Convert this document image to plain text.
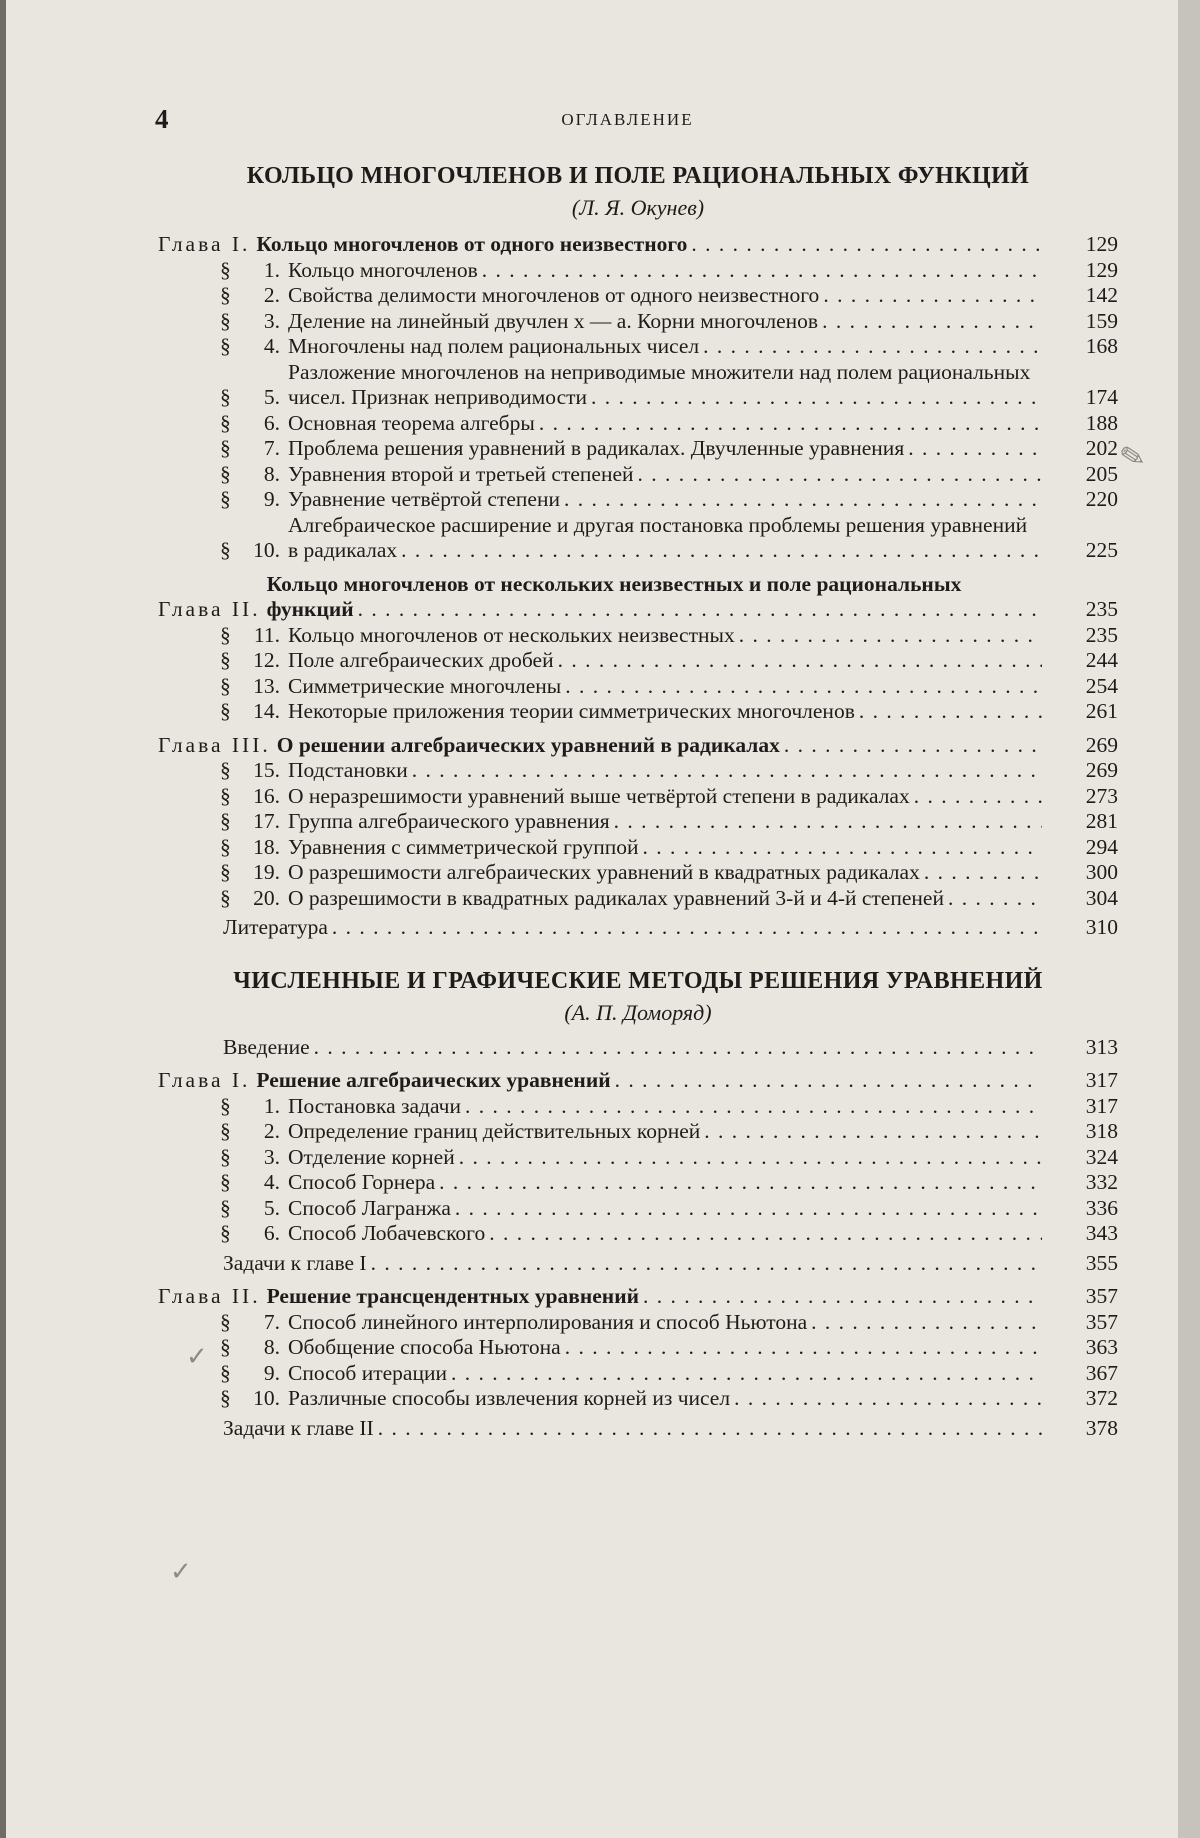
4	ОГЛАВЛЕНИЕ
КОЛЬЦО МНОГОЧЛЕНОВ И ПОЛЕ РАЦИОНАЛЬНЫХ ФУНКЦИЙ
(Л. Я. Окунев)
Глава I. Кольцо многочленов от одного неизвестного . . .	129
§	1. Кольцо многочленов . . .	129
§	2. Свойства делимости многочленов от одного неизвестного . . .	142
§	3. Деление на линейный двучлен x — a. Корни многочленов . . .	159
§	4. Многочлены над полем рациональных чисел . . .	168
§	5.
Разложение многочленов на неприводимые множители над полем рациональных чисел. Признак неприводимости . . .	174
§	6. Основная теорема алгебры . . .	188
§	7. Проблема решения уравнений в радикалах. Двучленные уравнения . . .	202
§	8. Уравнения второй и третьей степеней . . .	205
§	9. Уравнение четвёртой степени . . .	220
§	10.
Алгебраическое расширение и другая постановка проблемы решения уравнений в радикалах . . .	225
Глава II.
Кольцо многочленов от нескольких неизвестных и поле рациональных функций . . .	235
§	11. Кольцо многочленов от нескольких неизвестных . . .	235
§	12. Поле алгебраических дробей . . .	244
§	13. Симметрические многочлены . . .	254
§	14. Некоторые приложения теории симметрических многочленов . . .	261
Глава III. О решении алгебраических уравнений в радикалах . . .	269
§	15. Подстановки . . .	269
§	16. О неразрешимости уравнений выше четвёртой степени в радикалах . . .	273
§	17. Группа алгебраического уравнения . . .	281
§	18. Уравнения с симметрической группой . . .	294
§	19. О разрешимости алгебраических уравнений в квадратных радикалах . . .	300
§	20. О разрешимости в квадратных радикалах уравнений 3-й и 4-й степеней . . .	304
Литература . . .	310
ЧИСЛЕННЫЕ И ГРАФИЧЕСКИЕ МЕТОДЫ РЕШЕНИЯ УРАВНЕНИЙ
(А. П. Доморяд)
Введение . . .	313
Глава I. Решение алгебраических уравнений . . .	317
§	1. Постановка задачи . . .	317
§	2. Определение границ действительных корней . . .	318
§	3. Отделение корней . . .	324
§	4. Способ Горнера . . .	332
§	5. Способ Лагранжа . . .	336
§	6. Способ Лобачевского . . .	343
Задачи к главе I . . .	355
Глава II. Решение трансцендентных уравнений . . .	357
§	7. Способ линейного интерполирования и способ Ньютона . . .	357
§	8. Обобщение способа Ньютона . . .	363
§	9. Способ итерации . . .	367
§	10. Различные способы извлечения корней из чисел . . .	372
Задачи к главе II . . .	378
✎
✓
✓
